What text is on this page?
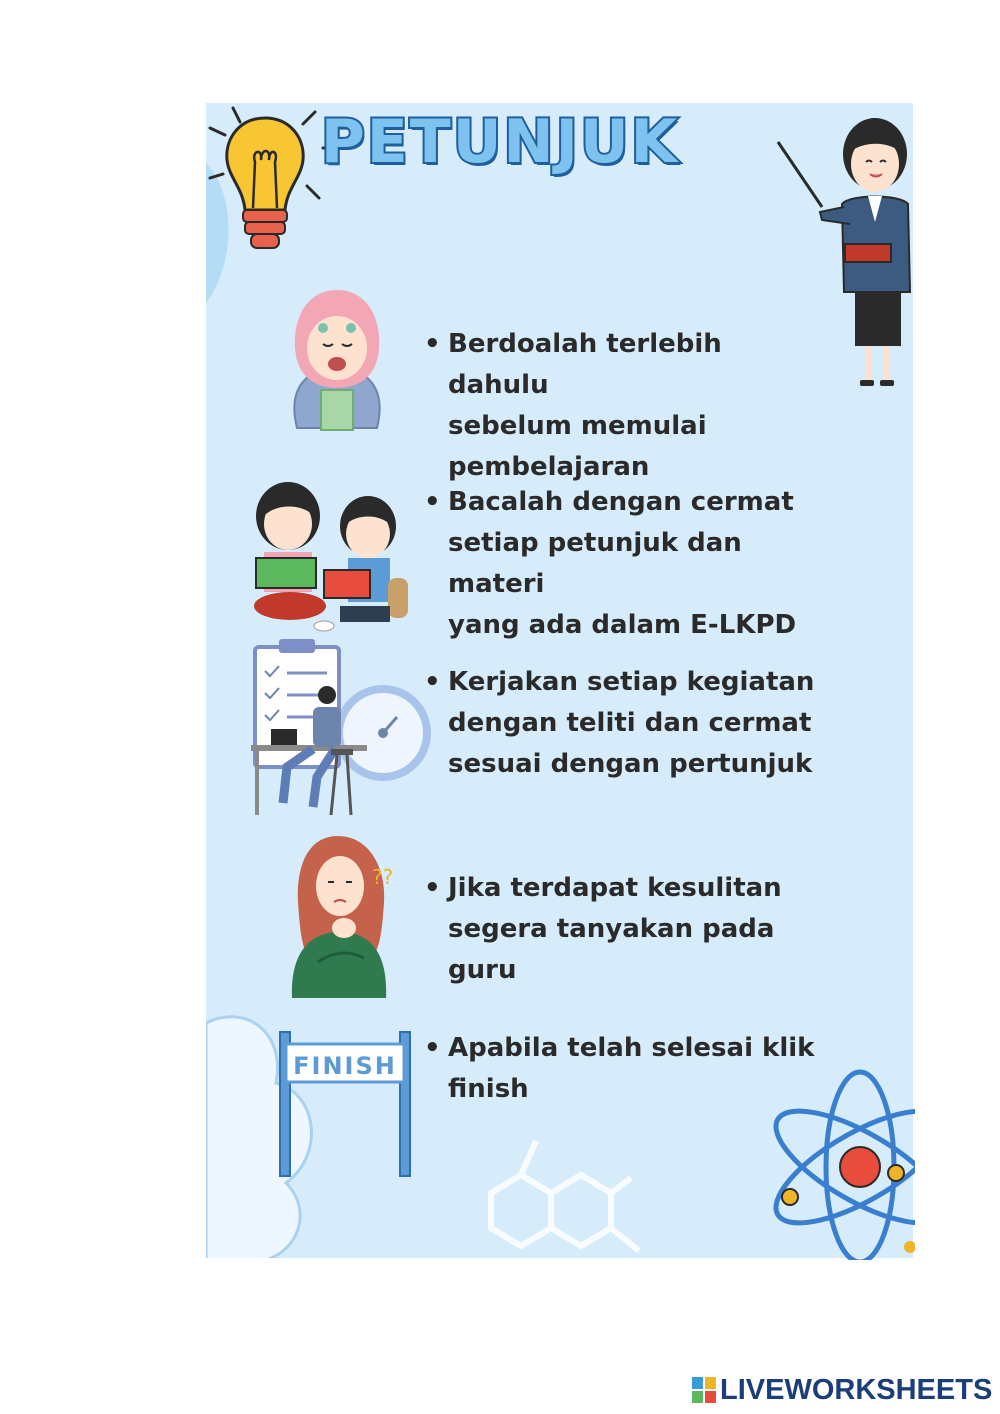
PETUNJUK
??
FINISH
• Berdoalah terlebih dahulu
sebelum memulai
pembelajaran
• Bacalah dengan cermat
setiap petunjuk dan materi
yang ada dalam E-LKPD
• Kerjakan setiap kegiatan
dengan teliti dan cermat
sesuai dengan pertunjuk
• Jika terdapat kesulitan
segera tanyakan pada guru
• Apabila telah selesai klik
finish
LIVEWORKSHEETS
